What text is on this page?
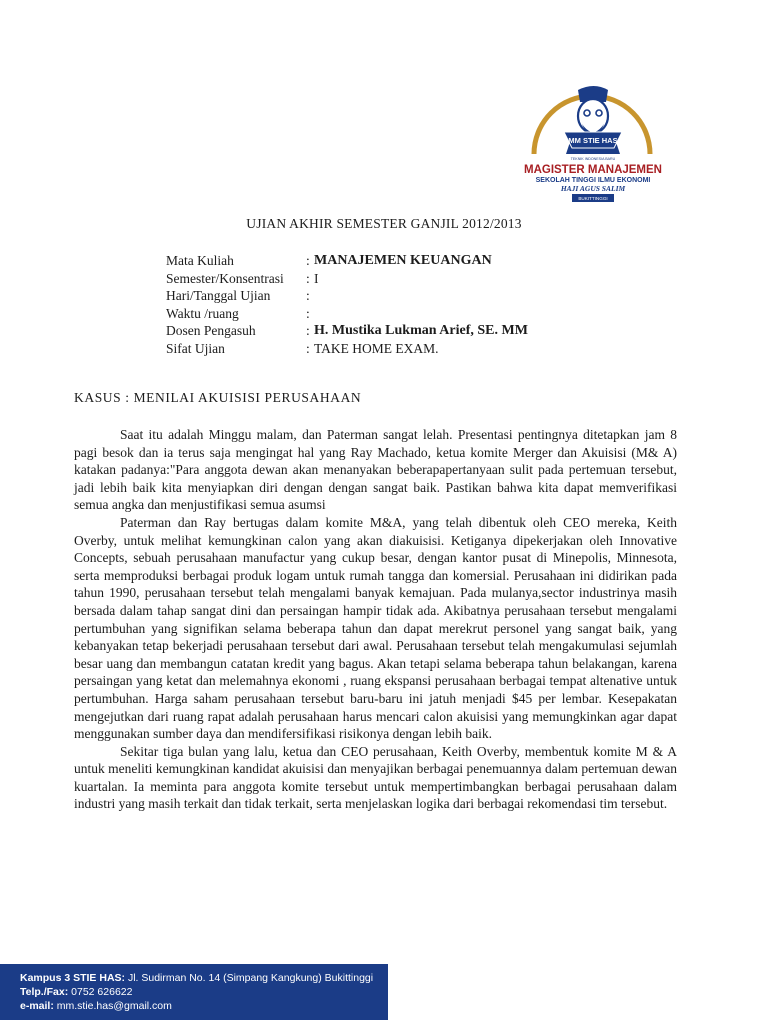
MM STIE HAS
TEKNIK INDONESIA BARU
MAGISTER MANAJEMEN
SEKOLAH TINGGI ILMU EKONOMI
HAJI AGUS SALIM
BUKITTINGGI
UJIAN AKHIR SEMESTER GANJIL 2012/2013
Mata Kuliah	: MANAJEMEN KEUANGAN
Semester/Konsentrasi : I
Hari/Tanggal Ujian	:
Waktu /ruang	:
Dosen Pengasuh	: H. Mustika Lukman Arief, SE. MM
Sifat Ujian	: TAKE HOME EXAM.
KASUS : MENILAI AKUISISI PERUSAHAAN

Saat itu adalah Minggu malam, dan Paterman sangat lelah. Presentasi pentingnya ditetapkan jam 8 pagi besok dan ia terus saja mengingat hal yang Ray Machado, ketua komite Merger dan Akuisisi (M& A) katakan padanya:"Para anggota dewan akan menanyakan beberapapertanyaan sulit pada pertemuan tersebut, jadi lebih baik kita menyiapkan diri dengan dengan sangat baik. Pastikan bahwa kita dapat memverifikasi semua angka dan menjustifikasi semua asumsi

Paterman dan Ray bertugas dalam komite M&A, yang telah dibentuk oleh CEO mereka, Keith Overby, untuk melihat kemungkinan calon yang akan diakuisisi. Ketiganya dipekerjakan oleh Innovative Concepts, sebuah perusahaan manufactur yang cukup besar, dengan kantor pusat di Minepolis, Minnesota, serta memproduksi berbagai produk logam untuk rumah tangga dan komersial. Perusahaan ini didirikan pada tahun 1990, perusahaan tersebut telah mengalami banyak kemajuan. Pada mulanya,sector industrinya masih bersada dalam tahap sangat dini dan persaingan hampir tidak ada. Akibatnya perusahaan tersebut mengalami pertumbuhan yang signifikan selama beberapa tahun dan dapat merekrut personel yang sangat baik, yang kebanyakan tetap bekerjadi perusahaan tersebut dari awal. Perusahaan tersebut telah mengakumulasi sejumlah besar uang dan membangun catatan kredit yang bagus. Akan tetapi selama beberapa tahun belakangan, karena persaingan yang ketat dan melemahnya ekonomi , ruang ekspansi perusahaan berbagai tempat altenative untuk pertumbuhan. Harga saham perusahaan tersebut baru-baru ini jatuh menjadi $45 per lembar. Kesepakatan mengejutkan dari ruang rapat adalah perusahaan harus mencari calon akuisisi yang memungkinkan agar dapat menggunakan sumber daya dan mendifersifikasi risikonya dengan lebih baik.

Sekitar tiga bulan yang lalu, ketua dan CEO perusahaan, Keith Overby, membentuk komite M & A untuk meneliti kemungkinan kandidat akuisisi dan menyajikan berbagai penemuannya dalam pertemuan dewan kuartalan. Ia meminta para anggota komite tersebut untuk mempertimbangkan berbagai perusahaan dalam industri yang masih terkait dan tidak terkait, serta menjelaskan logika dari berbagai rekomendasi tim tersebut.

Kampus 3 STIE HAS: Jl. Sudirman No. 14 (Simpang Kangkung) Bukittinggi
Telp./Fax: 0752 626622
e-mail: mm.stie.has@gmail.com
